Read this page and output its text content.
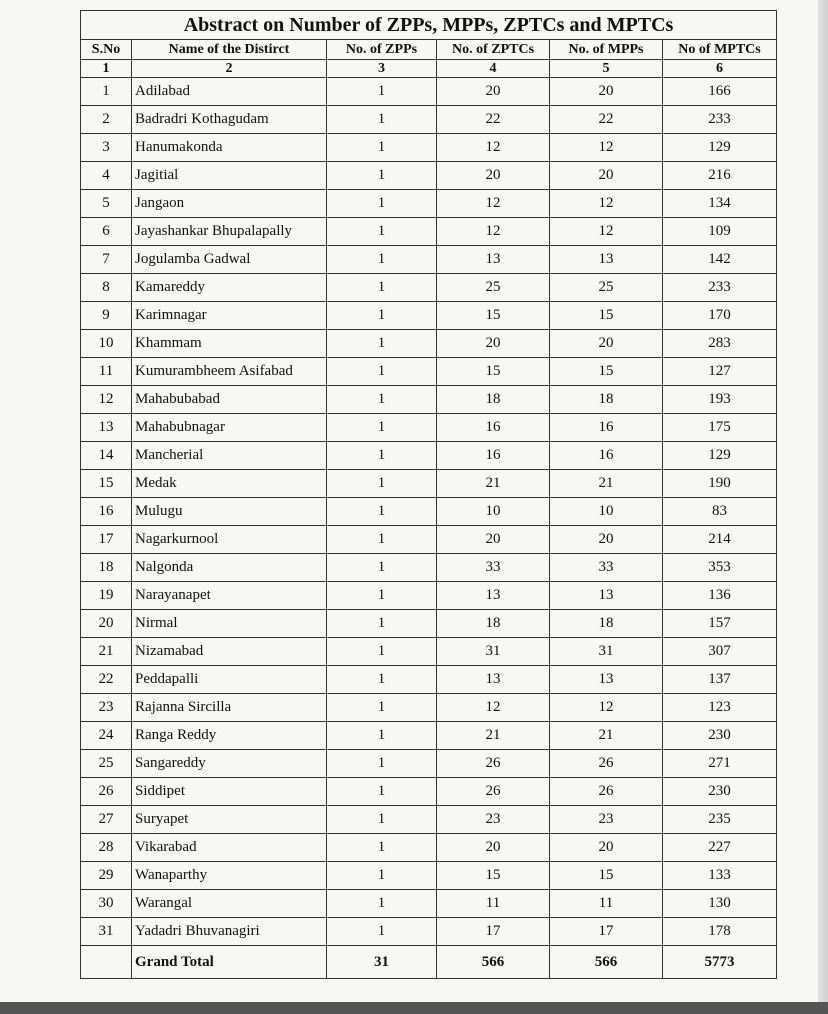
Abstract on Number of ZPPs, MPPs, ZPTCs and MPTCs					
S.No	Name of the Distirct	No. of ZPPs	No. of ZPTCs	No. of MPPs	No of MPTCs
1	2	3	4	5	6
1	Adilabad	1	20	20	166
2	Badradri Kothagudam	1	22	22	233
3	Hanumakonda	1	12	12	129
4	Jagitial	1	20	20	216
5	Jangaon	1	12	12	134
6	Jayashankar Bhupalapally	1	12	12	109
7	Jogulamba Gadwal	1	13	13	142
8	Kamareddy	1	25	25	233
9	Karimnagar	1	15	15	170
10	Khammam	1	20	20	283
11	Kumurambheem Asifabad	1	15	15	127
12	Mahabubabad	1	18	18	193
13	Mahabubnagar	1	16	16	175
14	Mancherial	1	16	16	129
15	Medak	1	21	21	190
16	Mulugu	1	10	10	83
17	Nagarkurnool	1	20	20	214
18	Nalgonda	1	33	33	353
19	Narayanapet	1	13	13	136
20	Nirmal	1	18	18	157
21	Nizamabad	1	31	31	307
22	Peddapalli	1	13	13	137
23	Rajanna Sircilla	1	12	12	123
24	Ranga Reddy	1	21	21	230
25	Sangareddy	1	26	26	271
26	Siddipet	1	26	26	230
27	Suryapet	1	23	23	235
28	Vikarabad	1	20	20	227
29	Wanaparthy	1	15	15	133
30	Warangal	1	11	11	130
31	Yadadri Bhuvanagiri	1	17	17	178
	Grand Total	31	566	566	5773
